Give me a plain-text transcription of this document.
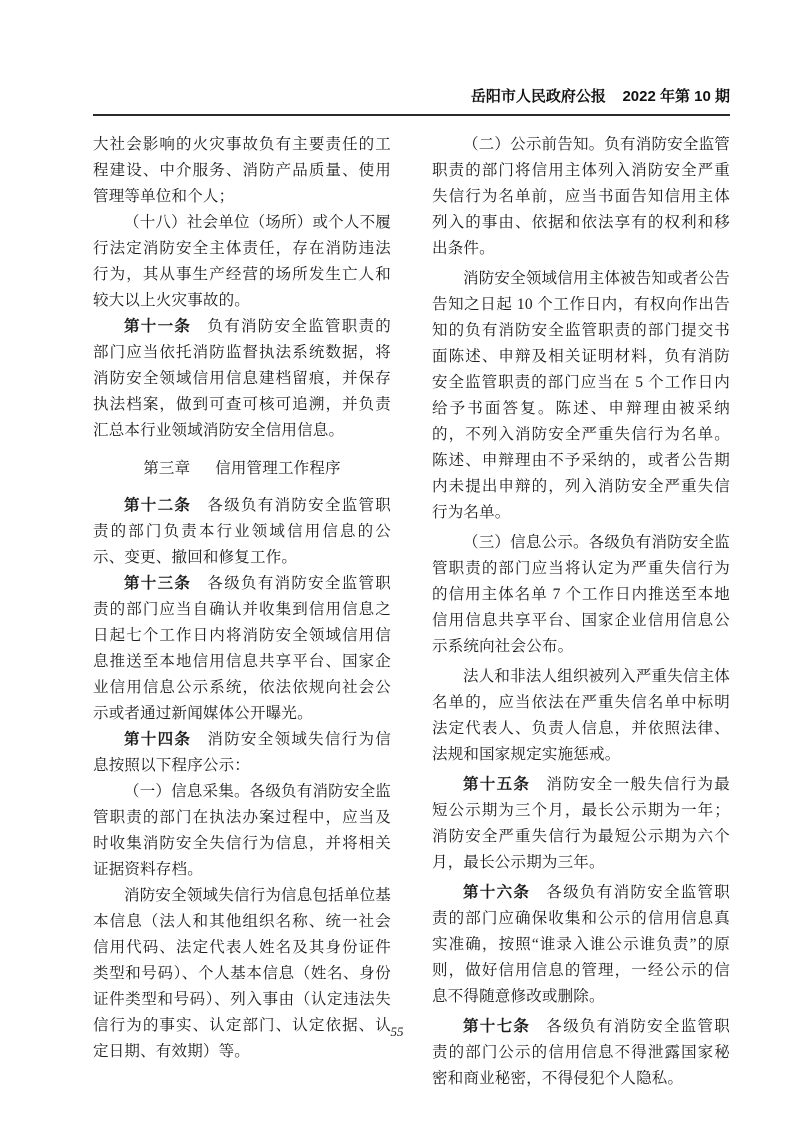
岳阳市人民政府公报 2022 年第 10 期

大社会影响的火灾事故负有主要责任的工程建设、中介服务、消防产品质量、使用管理等单位和个人；

（十八）社会单位（场所）或个人不履行法定消防安全主体责任，存在消防违法行为，其从事生产经营的场所发生亡人和较大以上火灾事故的。

第十一条 负有消防安全监管职责的部门应当依托消防监督执法系统数据，将消防安全领域信用信息建档留痕，并保存执法档案，做到可查可核可追溯，并负责汇总本行业领域消防安全信用信息。

第三章 信用管理工作程序

第十二条 各级负有消防安全监管职责的部门负责本行业领域信用信息的公示、变更、撤回和修复工作。

第十三条 各级负有消防安全监管职责的部门应当自确认并收集到信用信息之日起七个工作日内将消防安全领域信用信息推送至本地信用信息共享平台、国家企业信用信息公示系统，依法依规向社会公示或者通过新闻媒体公开曝光。

第十四条 消防安全领域失信行为信息按照以下程序公示：

（一）信息采集。各级负有消防安全监管职责的部门在执法办案过程中，应当及时收集消防安全失信行为信息，并将相关证据资料存档。

消防安全领域失信行为信息包括单位基本信息（法人和其他组织名称、统一社会信用代码、法定代表人姓名及其身份证件类型和号码）、个人基本信息（姓名、身份证件类型和号码）、列入事由（认定违法失信行为的事实、认定部门、认定依据、认定日期、有效期）等。

（二）公示前告知。负有消防安全监管职责的部门将信用主体列入消防安全严重失信行为名单前，应当书面告知信用主体列入的事由、依据和依法享有的权利和移出条件。

消防安全领域信用主体被告知或者公告告知之日起 10 个工作日内，有权向作出告知的负有消防安全监管职责的部门提交书面陈述、申辩及相关证明材料，负有消防安全监管职责的部门应当在 5 个工作日内给予书面答复。陈述、申辩理由被采纳的，不列入消防安全严重失信行为名单。陈述、申辩理由不予采纳的，或者公告期内未提出申辩的，列入消防安全严重失信行为名单。

（三）信息公示。各级负有消防安全监管职责的部门应当将认定为严重失信行为的信用主体名单 7 个工作日内推送至本地信用信息共享平台、国家企业信用信息公示系统向社会公布。

法人和非法人组织被列入严重失信主体名单的，应当依法在严重失信名单中标明法定代表人、负责人信息，并依照法律、法规和国家规定实施惩戒。

第十五条 消防安全一般失信行为最短公示期为三个月，最长公示期为一年；消防安全严重失信行为最短公示期为六个月，最长公示期为三年。

第十六条 各级负有消防安全监管职责的部门应确保收集和公示的信用信息真实准确，按照“谁录入谁公示谁负责”的原则，做好信用信息的管理，一经公示的信息不得随意修改或删除。

第十七条 各级负有消防安全监管职责的部门公示的信用信息不得泄露国家秘密和商业秘密，不得侵犯个人隐私。

55
